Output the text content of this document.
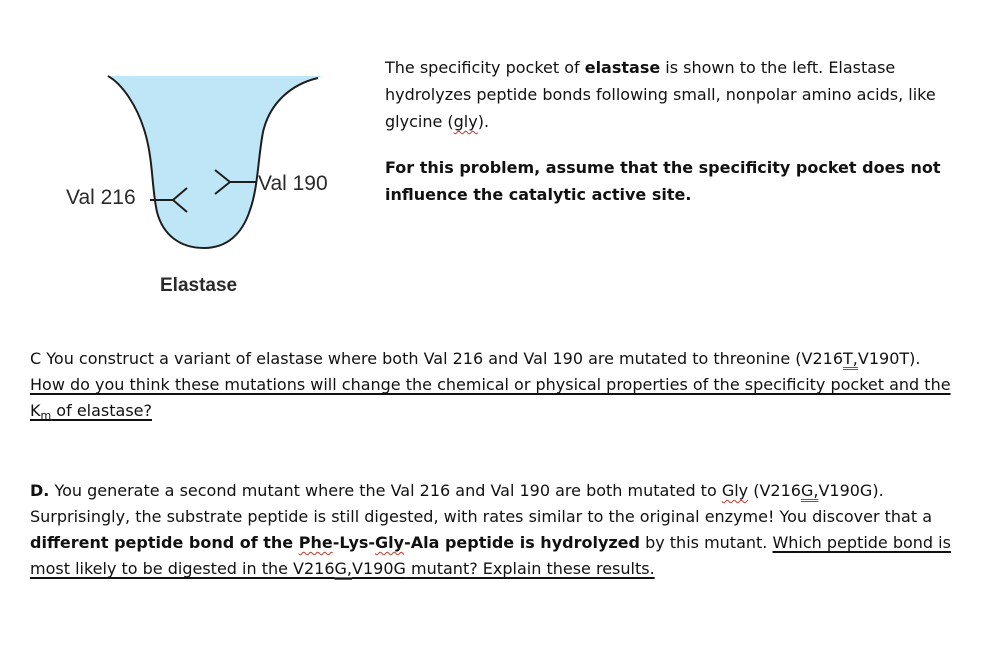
Val 216
Val 190
Elastase

The specificity pocket of elastase is shown to the left. Elastase hydrolyzes peptide bonds following small, nonpolar amino acids, like glycine (gly).

For this problem, assume that the specificity pocket does not influence the catalytic active site.

C You construct a variant of elastase where both Val 216 and Val 190 are mutated to threonine (V216T,V190T). How do you think these mutations will change the chemical or physical properties of the specificity pocket and the $K_m$ of elastase?

D. You generate a second mutant where the Val 216 and Val 190 are both mutated to Gly (V216G,V190G). Surprisingly, the substrate peptide is still digested, with rates similar to the original enzyme! You discover that a different peptide bond of the Phe-Lys-Gly-Ala peptide is hydrolyzed by this mutant. Which peptide bond is most likely to be digested in the V216G,V190G mutant? Explain these results.
